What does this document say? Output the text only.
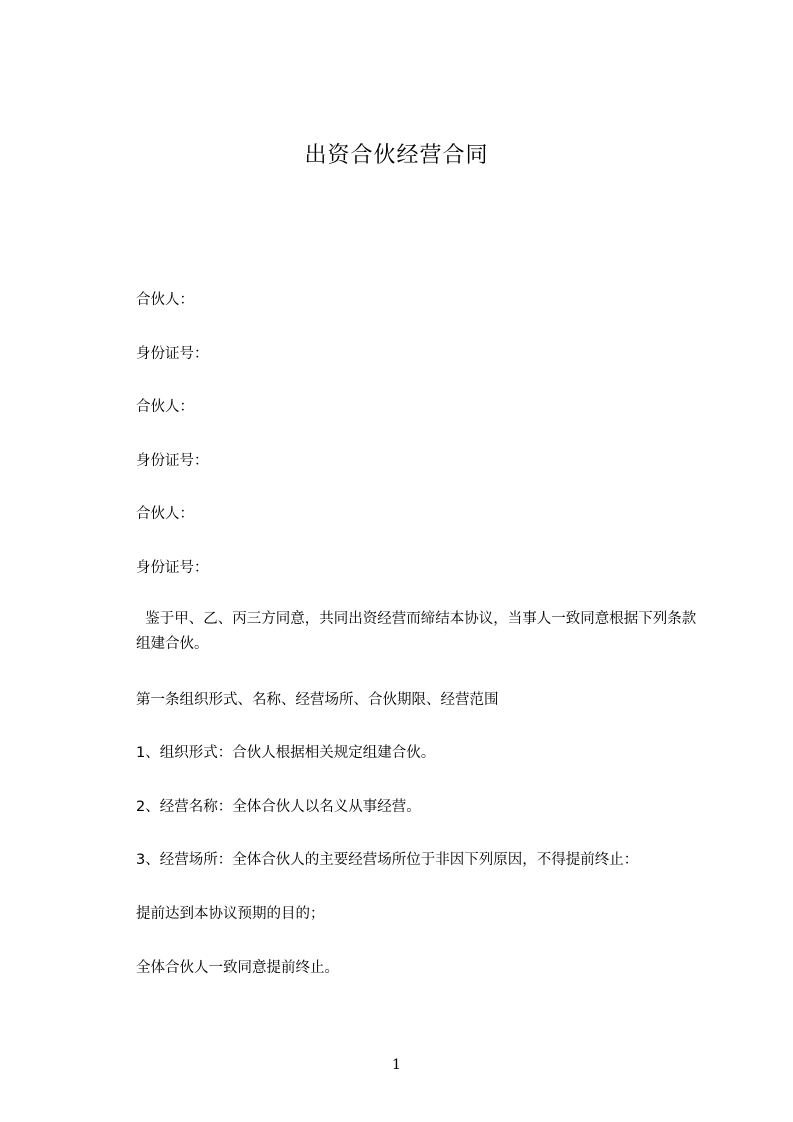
出资合伙经营合同
合伙人：
身份证号：
合伙人：
身份证号：
合伙人：
身份证号：
鉴于甲、乙、丙三方同意，共同出资经营而缔结本协议，当事人一致同意根据下列条款组建合伙。
第一条组织形式、名称、经营场所、合伙期限、经营范围
1、组织形式：合伙人根据相关规定组建合伙。
2、经营名称：全体合伙人以名义从事经营。
3、经营场所：全体合伙人的主要经营场所位于非因下列原因，不得提前终止：
提前达到本协议预期的目的；
全体合伙人一致同意提前终止。
1
